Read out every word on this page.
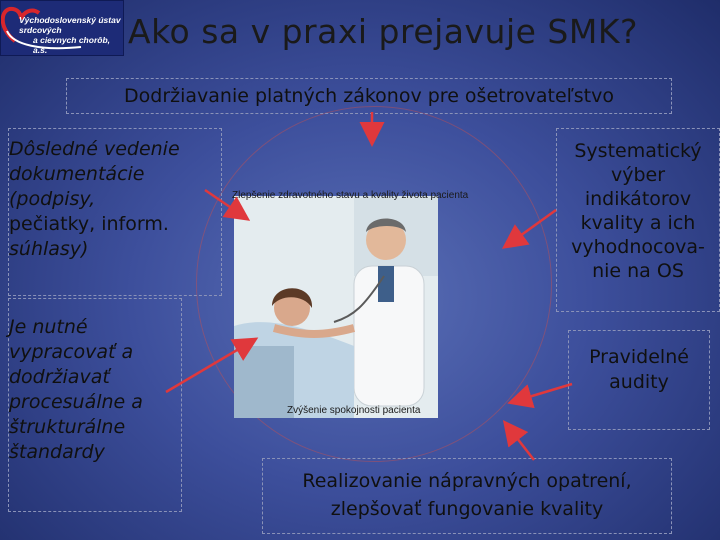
Východoslovenský ústav srdcových
a cievnych chorôb, a.s.	Ako sa v praxi prejavuje SMK?
Zlepšenie zdravotného stavu a kvality života pacienta
Zvýšenie spokojnosti pacienta
Dodržiavanie platných zákonov pre ošetrovateľstvo
Dôsledné vedenie
dokumentácie
(podpisy,
pečiatky, inform.
súhlasy)
Je nutné
vypracovať a
dodržiavať
procesuálne a
štrukturálne
štandardy
Systematický
výber
indikátorov
kvality a ich
vyhodnocova-
nie na OS
Pravidelné
audity
Realizovanie nápravných opatrení,
zlepšovať fungovanie kvality
